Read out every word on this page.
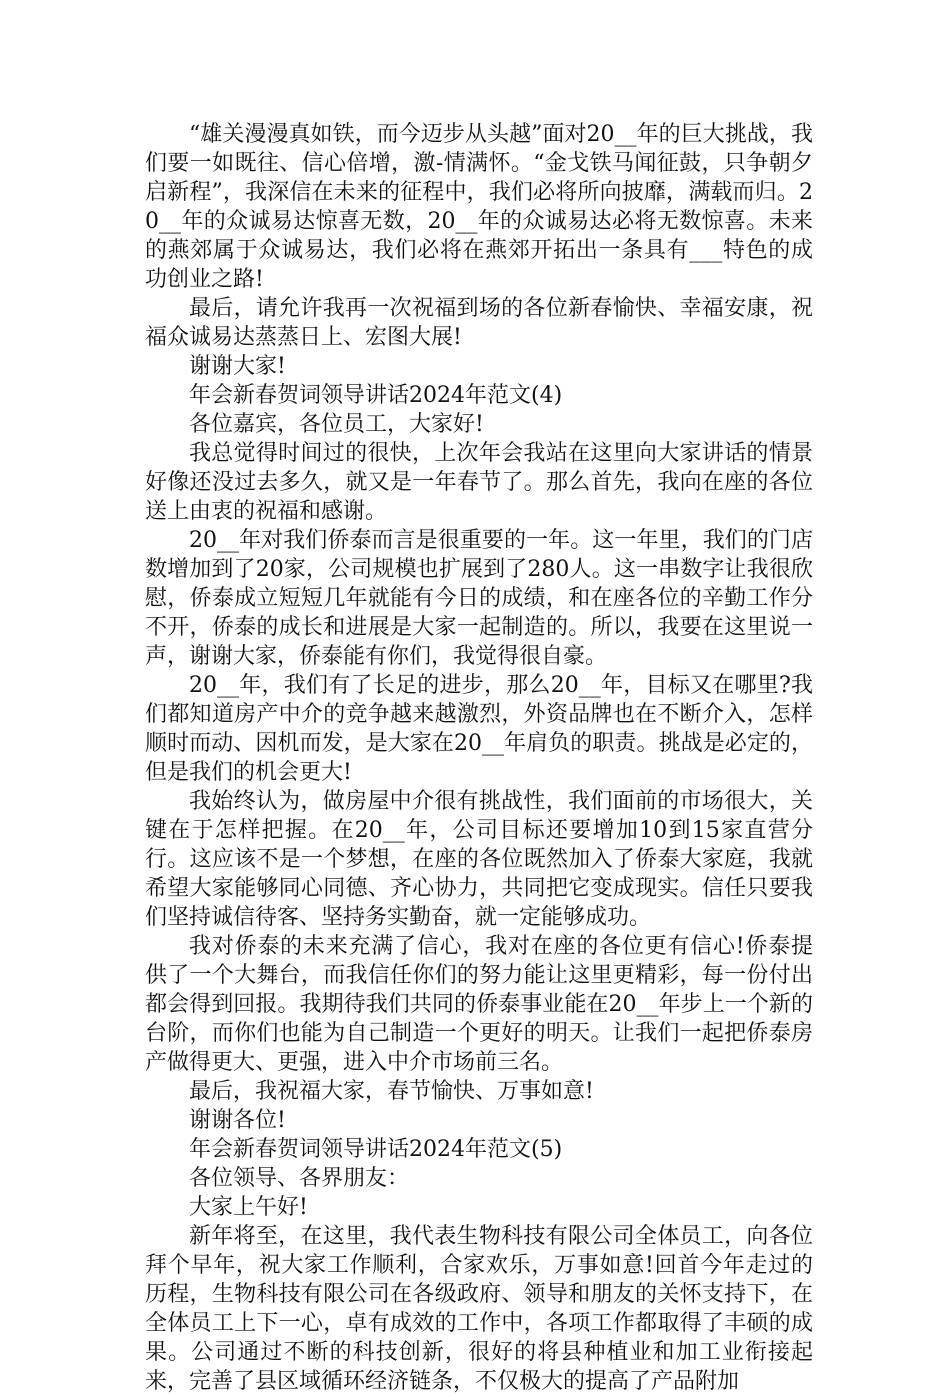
“雄关漫漫真如铁，而今迈步从头越”面对20__年的巨大挑战，我们要一如既往、信心倍增，激-情满怀。“金戈铁马闻征鼓，只争朝夕启新程”，我深信在未来的征程中，我们必将所向披靡，满载而归。20__年的众诚易达惊喜无数，20__年的众诚易达必将无数惊喜。未来的燕郊属于众诚易达，我们必将在燕郊开拓出一条具有___特色的成功创业之路!

最后，请允许我再一次祝福到场的各位新春愉快、幸福安康，祝福众诚易达蒸蒸日上、宏图大展!

谢谢大家!

年会新春贺词领导讲话2024年范文(4)

各位嘉宾，各位员工，大家好!

我总觉得时间过的很快，上次年会我站在这里向大家讲话的情景好像还没过去多久，就又是一年春节了。那么首先，我向在座的各位送上由衷的祝福和感谢。

20__年对我们侨泰而言是很重要的一年。这一年里，我们的门店数增加到了20家，公司规模也扩展到了280人。这一串数字让我很欣慰，侨泰成立短短几年就能有今日的成绩，和在座各位的辛勤工作分不开，侨泰的成长和进展是大家一起制造的。所以，我要在这里说一声，谢谢大家，侨泰能有你们，我觉得很自豪。

20__年，我们有了长足的进步，那么20__年，目标又在哪里?我们都知道房产中介的竞争越来越激烈，外资品牌也在不断介入，怎样顺时而动、因机而发，是大家在20__年肩负的职责。挑战是必定的，但是我们的机会更大!

我始终认为，做房屋中介很有挑战性，我们面前的市场很大，关键在于怎样把握。在20__年，公司目标还要增加10到15家直营分行。这应该不是一个梦想，在座的各位既然加入了侨泰大家庭，我就希望大家能够同心同德、齐心协力，共同把它变成现实。信任只要我们坚持诚信待客、坚持务实勤奋，就一定能够成功。

我对侨泰的未来充满了信心，我对在座的各位更有信心!侨泰提供了一个大舞台，而我信任你们的努力能让这里更精彩，每一份付出都会得到回报。我期待我们共同的侨泰事业能在20__年步上一个新的台阶，而你们也能为自己制造一个更好的明天。让我们一起把侨泰房产做得更大、更强，进入中介市场前三名。

最后，我祝福大家，春节愉快、万事如意!

谢谢各位!

年会新春贺词领导讲话2024年范文(5)

各位领导、各界朋友：

大家上午好!

新年将至，在这里，我代表生物科技有限公司全体员工，向各位拜个早年，祝大家工作顺利，合家欢乐，万事如意!回首今年走过的历程，生物科技有限公司在各级政府、领导和朋友的关怀支持下，在全体员工上下一心，卓有成效的工作中，各项工作都取得了丰硕的成果。公司通过不断的科技创新，很好的将县种植业和加工业衔接起来，完善了县区域循环经济链条，不仅极大的提高了产品附加
